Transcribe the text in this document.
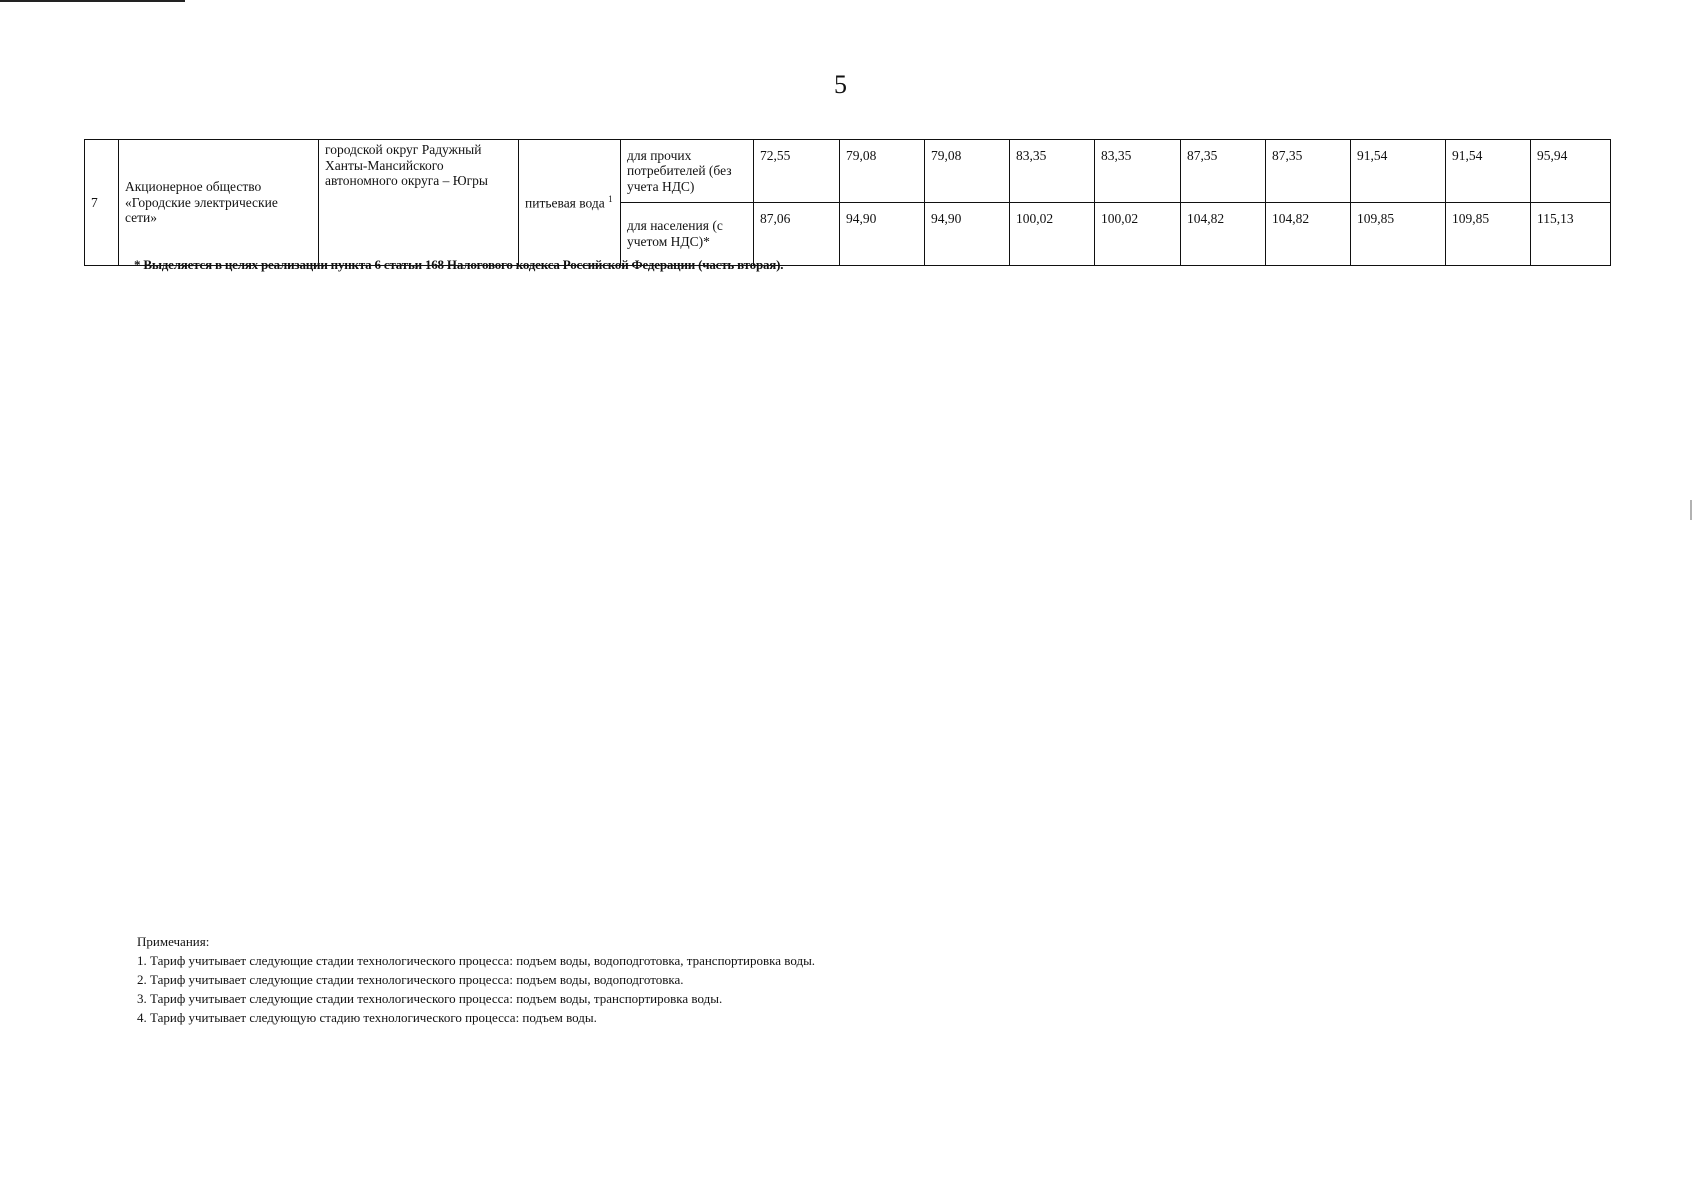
5
7	Акционерное общество «Городские электрические сети»	городской округ Радужный Ханты-Мансийского автономного округа – Югры	питьевая вода $^1$	для прочих потребителей (без учета НДС)	72,55	79,08	79,08	83,35	83,35	87,35	87,35	91,54	91,54	95,94
				для населения (с учетом НДС)*	87,06	94,90	94,90	100,02	100,02	104,82	104,82	109,85	109,85	115,13
* Выделяется в целях реализации пункта 6 статьи 168 Налогового кодекса Российской Федерации (часть вторая).
Примечания:
1. Тариф учитывает следующие стадии технологического процесса: подъем воды, водоподготовка, транспортировка воды.
2. Тариф учитывает следующие стадии технологического процесса: подъем воды, водоподготовка.
3. Тариф учитывает следующие стадии технологического процесса: подъем воды, транспортировка воды.
4. Тариф учитывает следующую стадию технологического процесса: подъем воды.
